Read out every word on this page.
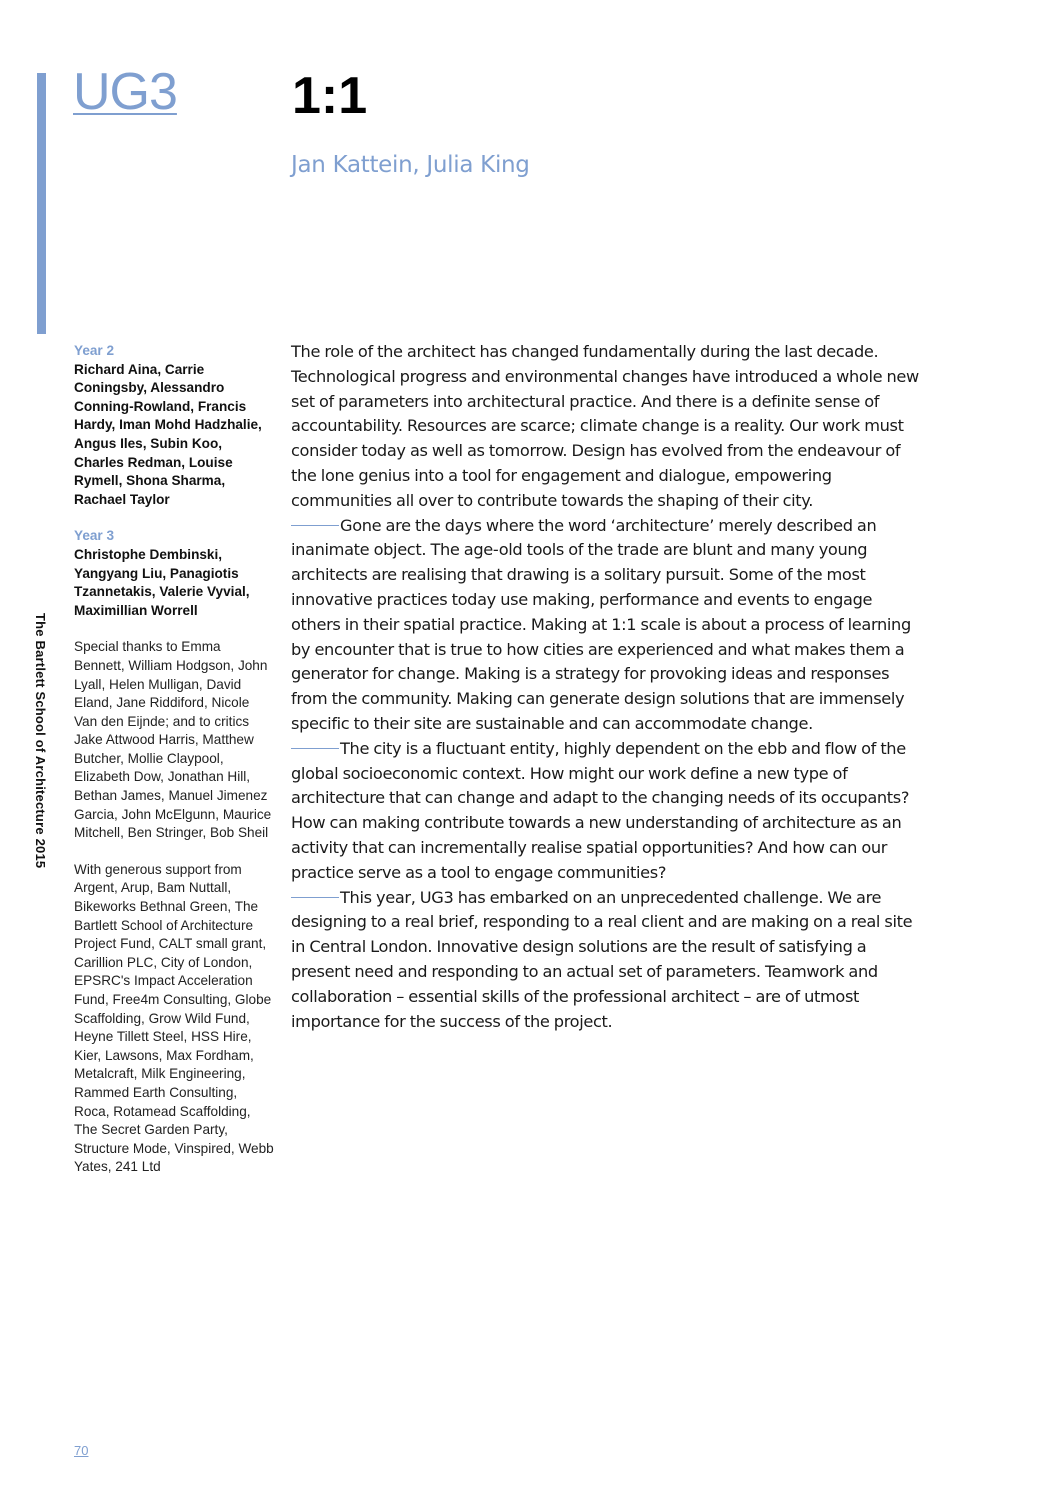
UG3 1:1
Jan Kattein, Julia King
Year 2
Richard Aina, Carrie Coningsby, Alessandro Conning-Rowland, Francis Hardy, Iman Mohd Hadzhalie, Angus Iles, Subin Koo, Charles Redman, Louise Rymell, Shona Sharma, Rachael Taylor
Year 3
Christophe Dembinski, Yangyang Liu, Panagiotis Tzannetakis, Valerie Vyvial, Maximillian Worrell
Special thanks to Emma Bennett, William Hodgson, John Lyall, Helen Mulligan, David Eland, Jane Riddiford, Nicole Van den Eijnde; and to critics Jake Attwood Harris, Matthew Butcher, Mollie Claypool, Elizabeth Dow, Jonathan Hill, Bethan James, Manuel Jimenez Garcia, John McElgunn, Maurice Mitchell, Ben Stringer, Bob Sheil
With generous support from Argent, Arup, Bam Nuttall, Bikeworks Bethnal Green, The Bartlett School of Architecture Project Fund, CALT small grant, Carillion PLC, City of London, EPSRC's Impact Acceleration Fund, Free4m Consulting, Globe Scaffolding, Grow Wild Fund, Heyne Tillett Steel, HSS Hire, Kier, Lawsons, Max Fordham, Metalcraft, Milk Engineering, Rammed Earth Consulting, Roca, Rotamead Scaffolding, The Secret Garden Party, Structure Mode, Vinspired, Webb Yates, 241 Ltd
The Bartlett School of Architecture 2015

The role of the architect has changed fundamentally during the last decade. Technological progress and environmental changes have introduced a whole new set of parameters into architectural practice. And there is a definite sense of accountability. Resources are scarce; climate change is a reality. Our work must consider today as well as tomorrow. Design has evolved from the endeavour of the lone genius into a tool for engagement and dialogue, empowering communities all over to contribute towards the shaping of their city.

Gone are the days where the word ‘architecture’ merely described an inanimate object. The age-old tools of the trade are blunt and many young architects are realising that drawing is a solitary pursuit. Some of the most innovative practices today use making, performance and events to engage others in their spatial practice. Making at 1:1 scale is about a process of learning by encounter that is true to how cities are experienced and what makes them a generator for change. Making is a strategy for provoking ideas and responses from the community. Making can generate design solutions that are immensely specific to their site are sustainable and can accommodate change.

The city is a fluctuant entity, highly dependent on the ebb and flow of the global socioeconomic context. How might our work define a new type of architecture that can change and adapt to the changing needs of its occupants? How can making contribute towards a new understanding of architecture as an activity that can incrementally realise spatial opportunities? And how can our practice serve as a tool to engage communities?

This year, UG3 has embarked on an unprecedented challenge. We are designing to a real brief, responding to a real client and are making on a real site in Central London. Innovative design solutions are the result of satisfying a present need and responding to an actual set of parameters. Teamwork and collaboration – essential skills of the professional architect – are of utmost importance for the success of the project.

70
